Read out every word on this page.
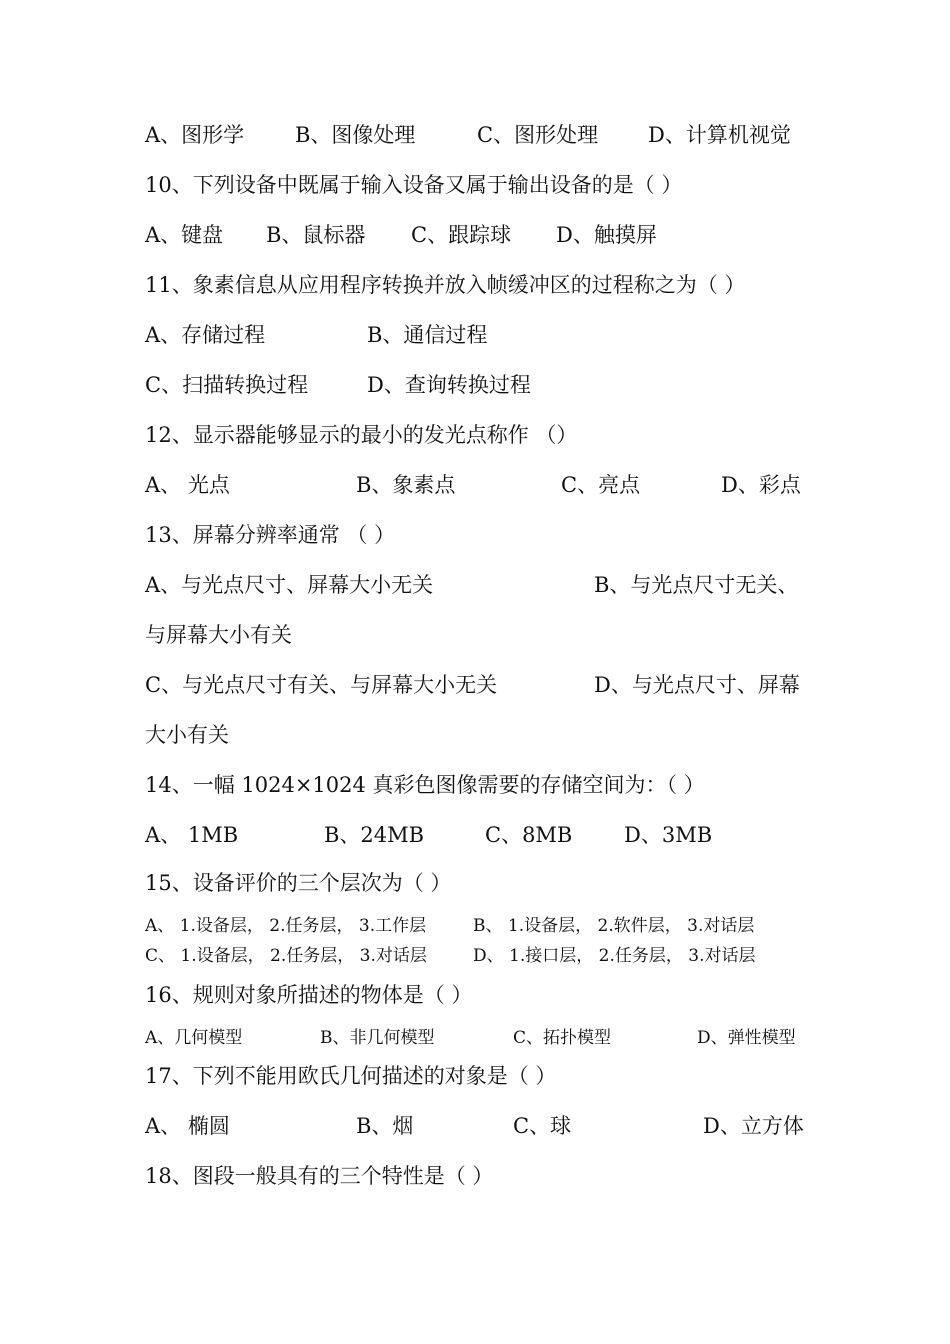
A、图形学 B、图像处理	C、图形处理 D、计算机视觉
10、下列设备中既属于输入设备又属于输出设备的是（ ）
A、键盘 B、鼠标器 C、跟踪球 D、触摸屏
11、象素信息从应用程序转换并放入帧缓冲区的过程称之为（ ）
A、存储过程	B、通信过程
C、扫描转换过程	D、查询转换过程
12、显示器能够显示的最小的发光点称作 （）
A、 光点	B、象素点	C、亮点	D、彩点
13、屏幕分辨率通常 （ ）
A、与光点尺寸、屏幕大小无关	B、与光点尺寸无关、
与屏幕大小有关
C、与光点尺寸有关、与屏幕大小无关	D、与光点尺寸、屏幕
大小有关
14、一幅 1024×1024 真彩色图像需要的存储空间为：（ ）
A、 1MB	B、24MB	C、8MB D、3MB
15、设备评价的三个层次为（ ）
A、 1.设备层， 2.任务层， 3.工作层	B、 1.设备层， 2.软件层， 3.对话层
C、 1.设备层， 2.任务层， 3.对话层	D、 1.接口层， 2.任务层， 3.对话层
16、规则对象所描述的物体是（ ）
A、几何模型	B、非几何模型	C、拓扑模型	D、弹性模型
17、下列不能用欧氏几何描述的对象是（ ）
A、 椭圆	B、烟	C、球	D、立方体
18、图段一般具有的三个特性是（ ）
